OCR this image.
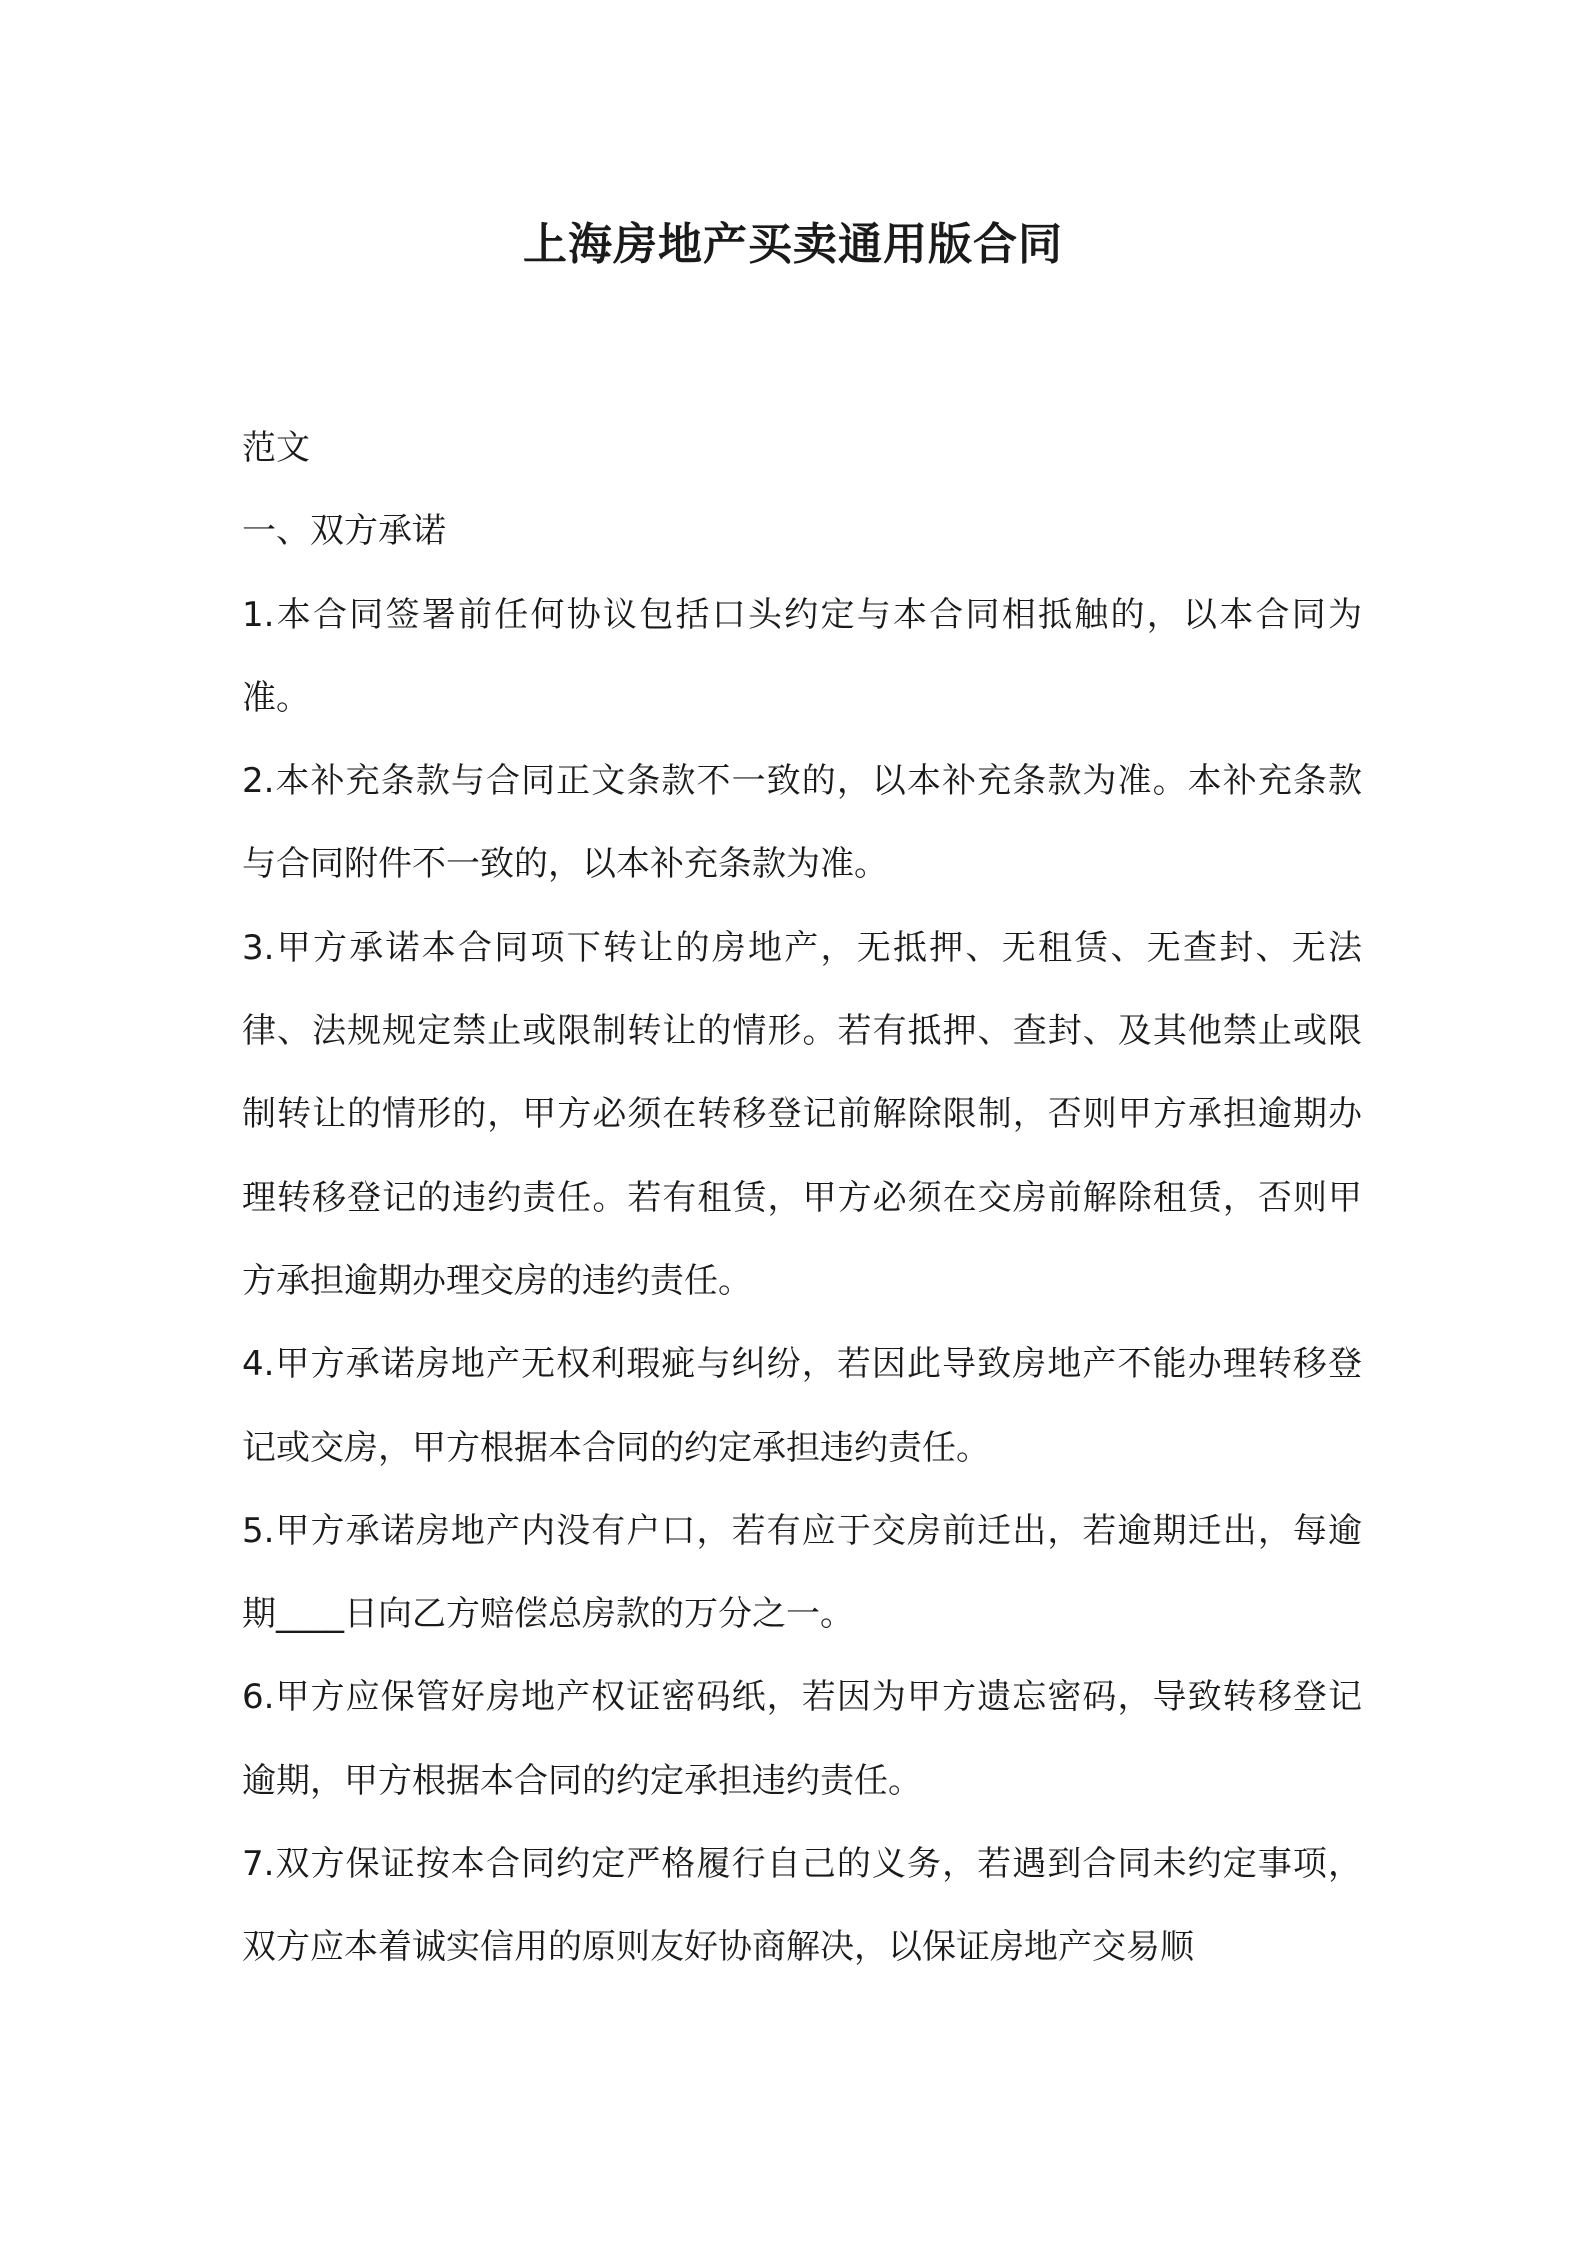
上海房地产买卖通用版合同

范文

一、双方承诺

1.本合同签署前任何协议包括口头约定与本合同相抵触的，以本合同为准。

2.本补充条款与合同正文条款不一致的，以本补充条款为准。本补充条款与合同附件不一致的，以本补充条款为准。

3.甲方承诺本合同项下转让的房地产，无抵押、无租赁、无查封、无法律、法规规定禁止或限制转让的情形。若有抵押、查封、及其他禁止或限制转让的情形的，甲方必须在转移登记前解除限制，否则甲方承担逾期办理转移登记的违约责任。若有租赁，甲方必须在交房前解除租赁，否则甲方承担逾期办理交房的违约责任。

4.甲方承诺房地产无权利瑕疵与纠纷，若因此导致房地产不能办理转移登记或交房，甲方根据本合同的约定承担违约责任。

5.甲方承诺房地产内没有户口，若有应于交房前迁出，若逾期迁出，每逾期____日向乙方赔偿总房款的万分之一。

6.甲方应保管好房地产权证密码纸，若因为甲方遗忘密码，导致转移登记逾期，甲方根据本合同的约定承担违约责任。

7.双方保证按本合同约定严格履行自己的义务，若遇到合同未约定事项，双方应本着诚实信用的原则友好协商解决，以保证房地产交易顺
